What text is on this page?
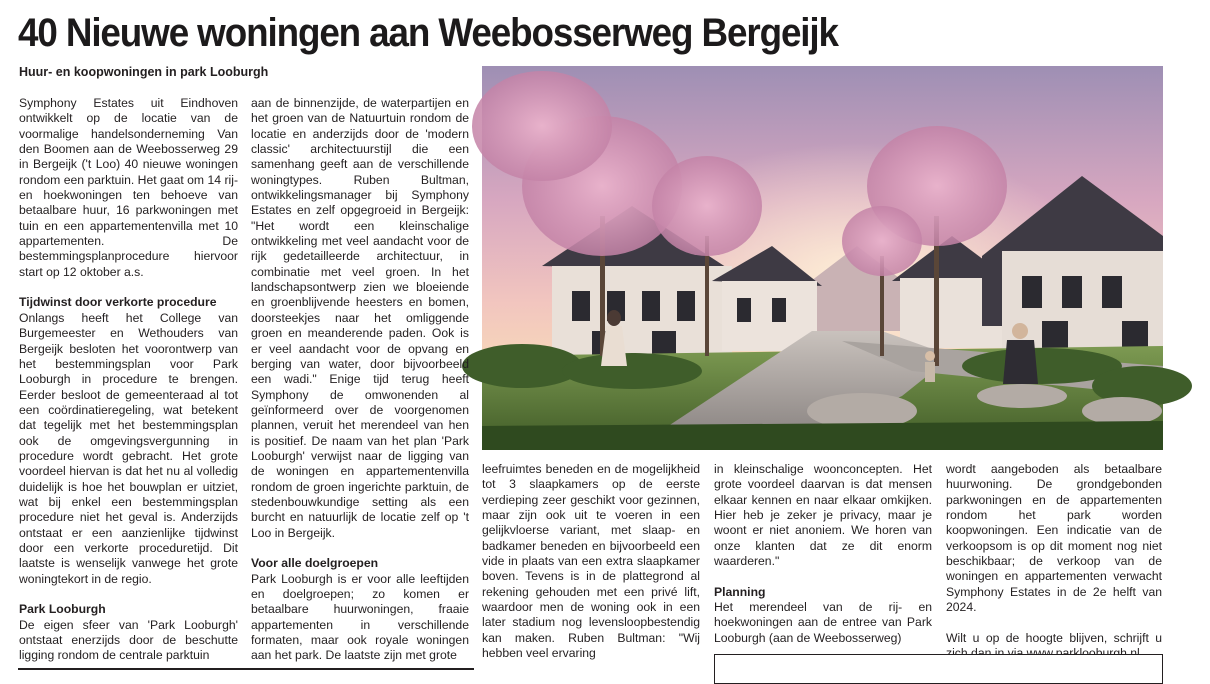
40 Nieuwe woningen aan Weebosserweg Bergeijk
Huur- en koopwoningen in park Looburgh

Symphony Estates uit Eindhoven ontwikkelt op de locatie van de voormalige handelsonderneming Van den Boomen aan de Weebosserweg 29 in Bergeijk ('t Loo) 40 nieuwe woningen rondom een parktuin. Het gaat om 14 rij- en hoekwoningen ten behoeve van betaalbare huur, 16 parkwoningen met tuin en een appartementenvilla met 10 appartementen. De bestemmingsplanprocedure hiervoor start op 12 oktober a.s.

Tijdwinst door verkorte procedure

Onlangs heeft het College van Burgemeester en Wethouders van Bergeijk besloten het voorontwerp van het bestemmingsplan voor Park Looburgh in procedure te brengen. Eerder besloot de gemeenteraad al tot een coördinatieregeling, wat betekent dat tegelijk met het bestemmingsplan ook de omgevingsvergunning in procedure wordt gebracht. Het grote voordeel hiervan is dat het nu al volledig duidelijk is hoe het bouwplan er uitziet, wat bij enkel een bestemmingsplan procedure niet het geval is. Anderzijds ontstaat er een aanzienlijke tijdwinst door een verkorte proceduretijd. Dit laatste is wenselijk vanwege het grote woningtekort in de regio.

Park Looburgh

De eigen sfeer van 'Park Looburgh' ontstaat enerzijds door de beschutte ligging rondom de centrale parktuin

aan de binnenzijde, de waterpartijen en het groen van de Natuurtuin rondom de locatie en anderzijds door de 'modern classic' architectuurstijl die een samenhang geeft aan de verschillende woningtypes. Ruben Bultman, ontwikkelingsmanager bij Symphony Estates en zelf opgegroeid in Bergeijk: "Het wordt een kleinschalige ontwikkeling met veel aandacht voor de rijk gedetailleerde architectuur, in combinatie met veel groen. In het landschapsontwerp zien we bloeiende en groenblijvende heesters en bomen, doorsteekjes naar het omliggende groen en meanderende paden. Ook is er veel aandacht voor de opvang en berging van water, door bijvoorbeeld een wadi." Enige tijd terug heeft Symphony de omwonenden al geïnformeerd over de voorgenomen plannen, veruit het merendeel van hen is positief. De naam van het plan 'Park Looburgh' verwijst naar de ligging van de woningen en appartementenvilla rondom de groen ingerichte parktuin, de stedenbouwkundige setting als een burcht en natuurlijk de locatie zelf op 't Loo in Bergeijk.

Voor alle doelgroepen

Park Looburgh is er voor alle leeftijden en doelgroepen; zo komen er betaalbare huurwoningen, fraaie appartementen in verschillende formaten, maar ook royale woningen aan het park. De laatste zijn met grote

leefruimtes beneden en de mogelijkheid tot 3 slaapkamers op de eerste verdieping zeer geschikt voor gezinnen, maar zijn ook uit te voeren in een gelijkvloerse variant, met slaap- en badkamer beneden en bijvoorbeeld een vide in plaats van een extra slaapkamer boven. Tevens is in de plattegrond al rekening gehouden met een privé lift, waardoor men de woning ook in een later stadium nog levensloopbestendig kan maken. Ruben Bultman: "Wij hebben veel ervaring

in kleinschalige woonconcepten. Het grote voordeel daarvan is dat mensen elkaar kennen en naar elkaar omkijken. Hier heb je zeker je privacy, maar je woont er niet anoniem. We horen van onze klanten dat ze dit enorm waarderen."

Planning

Het merendeel van de rij- en hoekwoningen aan de entree van Park Looburgh (aan de Weebosserweg)

wordt aangeboden als betaalbare huurwoning. De grondgebonden parkwoningen en de appartementen rondom het park worden koopwoningen. Een indicatie van de verkoopsom is op dit moment nog niet beschikbaar; de verkoop van de woningen en appartementen verwacht Symphony Estates in de 2e helft van 2024.

Wilt u op de hoogte blijven, schrijft u
